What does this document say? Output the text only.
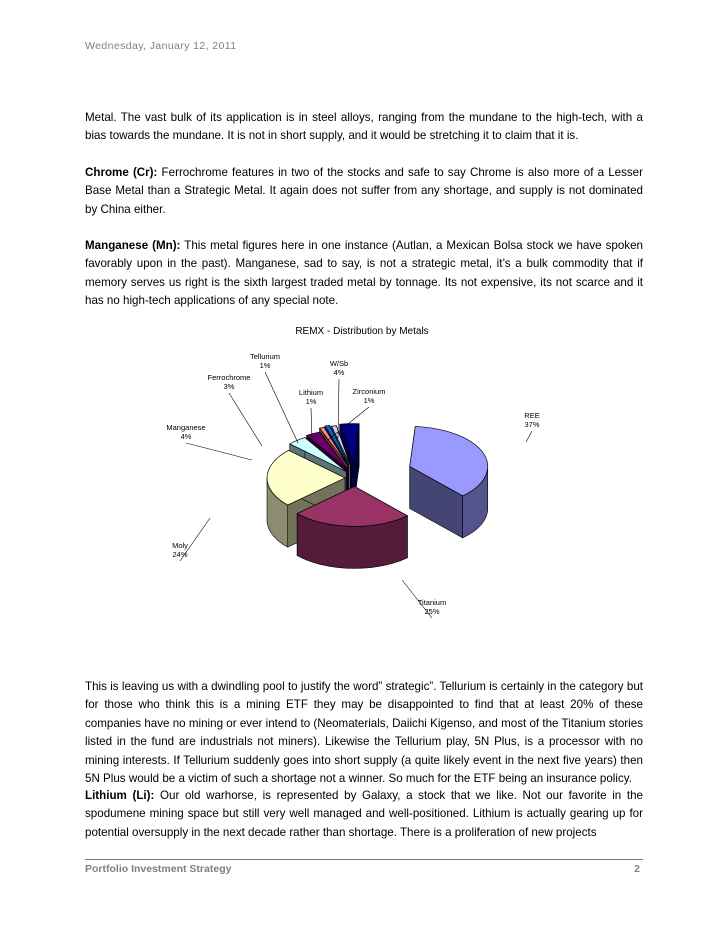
Wednesday, January 12, 2011
Metal. The vast bulk of its application is in steel alloys, ranging from the mundane to the high-tech, with a bias towards the mundane. It is not in short supply, and it would be stretching it to claim that it is.
Chrome (Cr): Ferrochrome features in two of the stocks and safe to say Chrome is also more of a Lesser Base Metal than a Strategic Metal. It again does not suffer from any shortage, and supply is not dominated by China either.
Manganese (Mn): This metal figures here in one instance (Autlan, a Mexican Bolsa stock we have spoken favorably upon in the past). Manganese, sad to say, is not a strategic metal, it’s a bulk commodity that if memory serves us right is the sixth largest traded metal by tonnage. Its not expensive, its not scarce and it has no high-tech applications of any special note.
REMX - Distribution by Metals
REE
37%
Titanium
25%
Moly
24%
Manganese
4%
Ferrochrome
3%
Tellurium
1%
Lithium
1%
Zirconium
1%
W/Sb
4%
This is leaving us with a dwindling pool to justify the word” strategic”. Tellurium is certainly in the category but for those who think this is a mining ETF they may be disappointed to find that at least 20% of these companies have no mining or ever intend to (Neomaterials, Daiichi Kigenso, and most of the Titanium stories listed in the fund are industrials not miners). Likewise the Tellurium play, 5N Plus, is a processor with no mining interests. If Tellurium suddenly goes into short supply (a quite likely event in the next five years) then 5N Plus would be a victim of such a shortage not a winner. So much for the ETF being an insurance policy.
Lithium (Li): Our old warhorse, is represented by Galaxy, a stock that we like. Not our favorite in the spodumene mining space but still very well managed and well-positioned. Lithium is actually gearing up for potential oversupply in the next decade rather than shortage. There is a proliferation of new projects
Portfolio Investment Strategy	2
